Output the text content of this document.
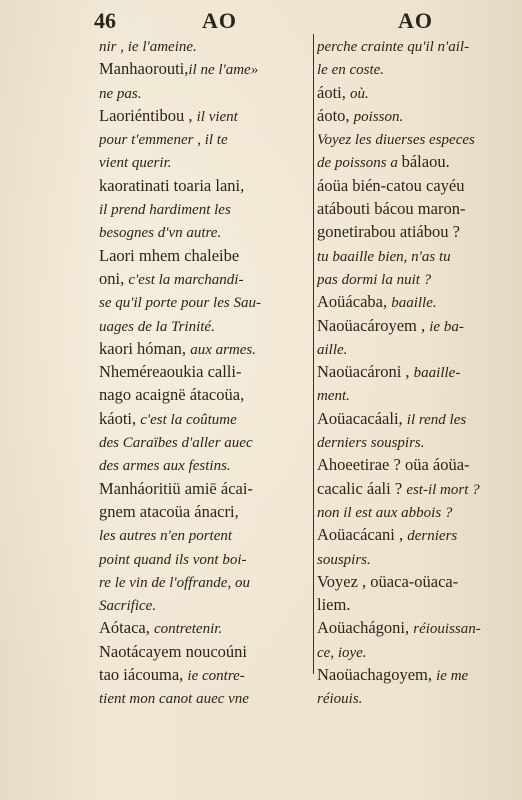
46	AO	AO
nir , ie l'ameine.
Manhaorouti,il ne l'ame»
ne pas.
Laoriéntibou , il vient
pour t'emmener , il te
vient querir.
kaoratinati toaria lani,
il prend hardiment les
besognes d'vn autre.
Laori mhem chaleibe
oni, c'est la marchandi-
se qu'il porte pour les Sau-
uages de la Trinité.
kaori hóman, aux armes.
Nheméreaoukia calli-
nago acaignë átacoüa,
káoti, c'est la coûtume
des Caraïbes d'aller auec
des armes aux festins.
Manháoritiü amiē ácai-
gnem atacoüa ánacri,
les autres n'en portent
point quand ils vont boi-
re le vin de l'offrande, ou
Sacrifice.
Aótaca, contretenir.
Naotácayem noucoúni
tao iácouma, ie contre-
tient mon canot auec vne
perche crainte qu'il n'ail-
le en coste.
áoti, où.
áoto, poisson.
Voyez les diuerses especes
de poissons a bálaou.
áoüa bién-catou cayéu
atábouti bácou maron-
gonetirabou atiábou ?
tu baaille bien, n'as tu
pas dormi la nuit ?
Aoüácaba, baaille.
Naoüacároyem , ie ba-
aille.
Naoüacároni , baaille-
ment.
Aoüacacáali, il rend les
derniers souspirs.
Ahoeetirae ? oüa áoüa-
cacalic áali ? est-il mort ?
non il est aux abbois ?
Aoüacácani , derniers
souspirs.
Voyez , oüaca-oüaca-
liem.
Aoüachágoni, réiouissan-
ce, ioye.
Naoüachagoyem, ie me
réiouis.
